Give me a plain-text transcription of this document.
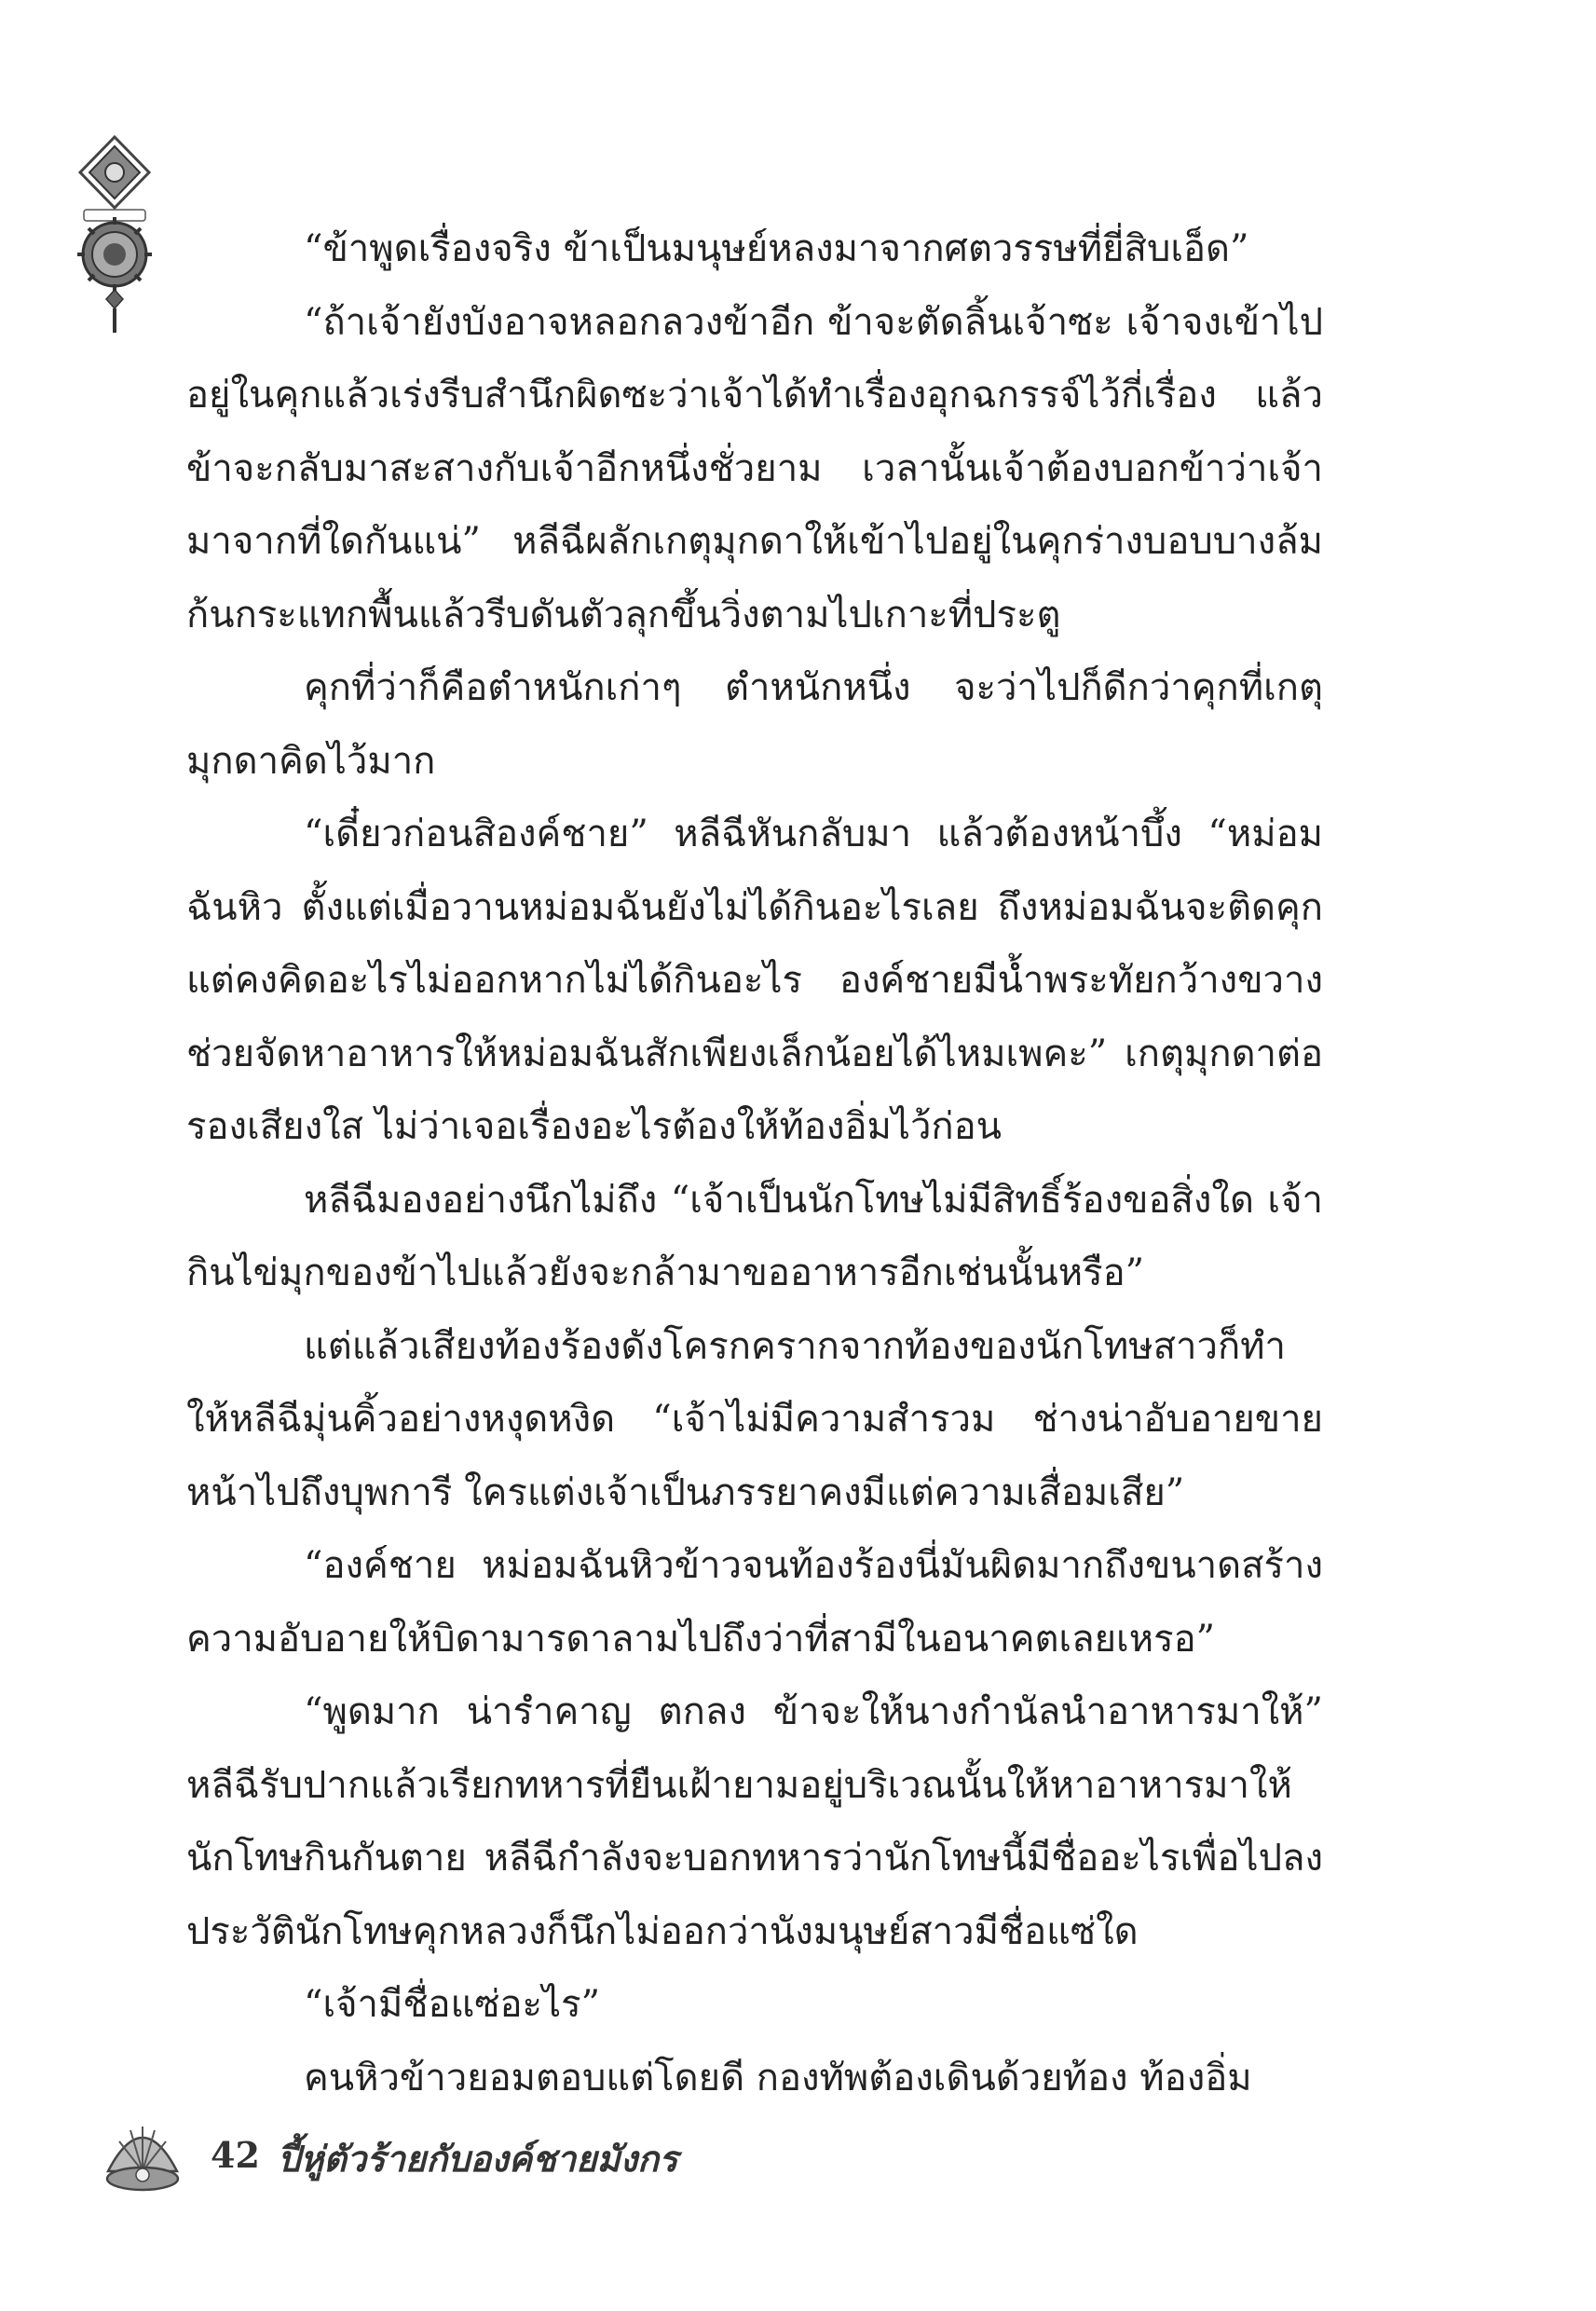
“ข้าพูดเรื่องจริง ข้าเป็นมนุษย์หลงมาจากศตวรรษที่ยี่สิบเอ็ด”

“ถ้าเจ้ายังบังอาจหลอกลวงข้าอีก ข้าจะตัดลิ้นเจ้าซะ เจ้าจงเข้าไปอยู่ในคุกแล้วเร่งรีบสำนึกผิดซะว่าเจ้าได้ทำเรื่องอุกฉกรรจ์ไว้กี่เรื่อง แล้วข้าจะกลับมาสะสางกับเจ้าอีกหนึ่งชั่วยาม เวลานั้นเจ้าต้องบอกข้าว่าเจ้ามาจากที่ใดกันแน่” หลีฉีผลักเกตุมุกดาให้เข้าไปอยู่ในคุกร่างบอบบางล้มก้นกระแทกพื้นแล้วรีบดันตัวลุกขึ้นวิ่งตามไปเกาะที่ประตู

คุกที่ว่าก็คือตำหนักเก่าๆ ตำหนักหนึ่ง จะว่าไปก็ดีกว่าคุกที่เกตุมุกดาคิดไว้มาก

“เดี๋ยวก่อนสิองค์ชาย” หลีฉีหันกลับมา แล้วต้องหน้าบึ้ง “หม่อมฉันหิว ตั้งแต่เมื่อวานหม่อมฉันยังไม่ได้กินอะไรเลย ถึงหม่อมฉันจะติดคุก แต่คงคิดอะไรไม่ออกหากไม่ได้กินอะไร องค์ชายมีน้ำพระทัยกว้างขวาง ช่วยจัดหาอาหารให้หม่อมฉันสักเพียงเล็กน้อยได้ไหมเพคะ” เกตุมุกดาต่อรองเสียงใส ไม่ว่าเจอเรื่องอะไรต้องให้ท้องอิ่มไว้ก่อน

หลีฉีมองอย่างนึกไม่ถึง “เจ้าเป็นนักโทษไม่มีสิทธิ์ร้องขอสิ่งใด เจ้ากินไข่มุกของข้าไปแล้วยังจะกล้ามาขออาหารอีกเช่นนั้นหรือ”

แต่แล้วเสียงท้องร้องดังโครกครากจากท้องของนักโทษสาวก็ทำให้หลีฉีมุ่นคิ้วอย่างหงุดหงิด “เจ้าไม่มีความสำรวม ช่างน่าอับอายขายหน้าไปถึงบุพการี ใครแต่งเจ้าเป็นภรรยาคงมีแต่ความเสื่อมเสีย”

“องค์ชาย หม่อมฉันหิวข้าวจนท้องร้องนี่มันผิดมากถึงขนาดสร้างความอับอายให้บิดามารดาลามไปถึงว่าที่สามีในอนาคตเลยเหรอ”

“พูดมาก น่ารำคาญ ตกลง ข้าจะให้นางกำนัลนำอาหารมาให้” หลีฉีรับปากแล้วเรียกทหารที่ยืนเฝ้ายามอยู่บริเวณนั้นให้หาอาหารมาให้นักโทษกินกันตาย หลีฉีกำลังจะบอกทหารว่านักโทษนี้มีชื่ออะไรเพื่อไปลงประวัตินักโทษคุกหลวงก็นึกไม่ออกว่านังมนุษย์สาวมีชื่อแซ่ใด

“เจ้ามีชื่อแซ่อะไร”

คนหิวข้าวยอมตอบแต่โดยดี กองทัพต้องเดินด้วยท้อง ท้องอิ่ม

42 ปี้หู่ตัวร้ายกับองค์ชายมังกร
